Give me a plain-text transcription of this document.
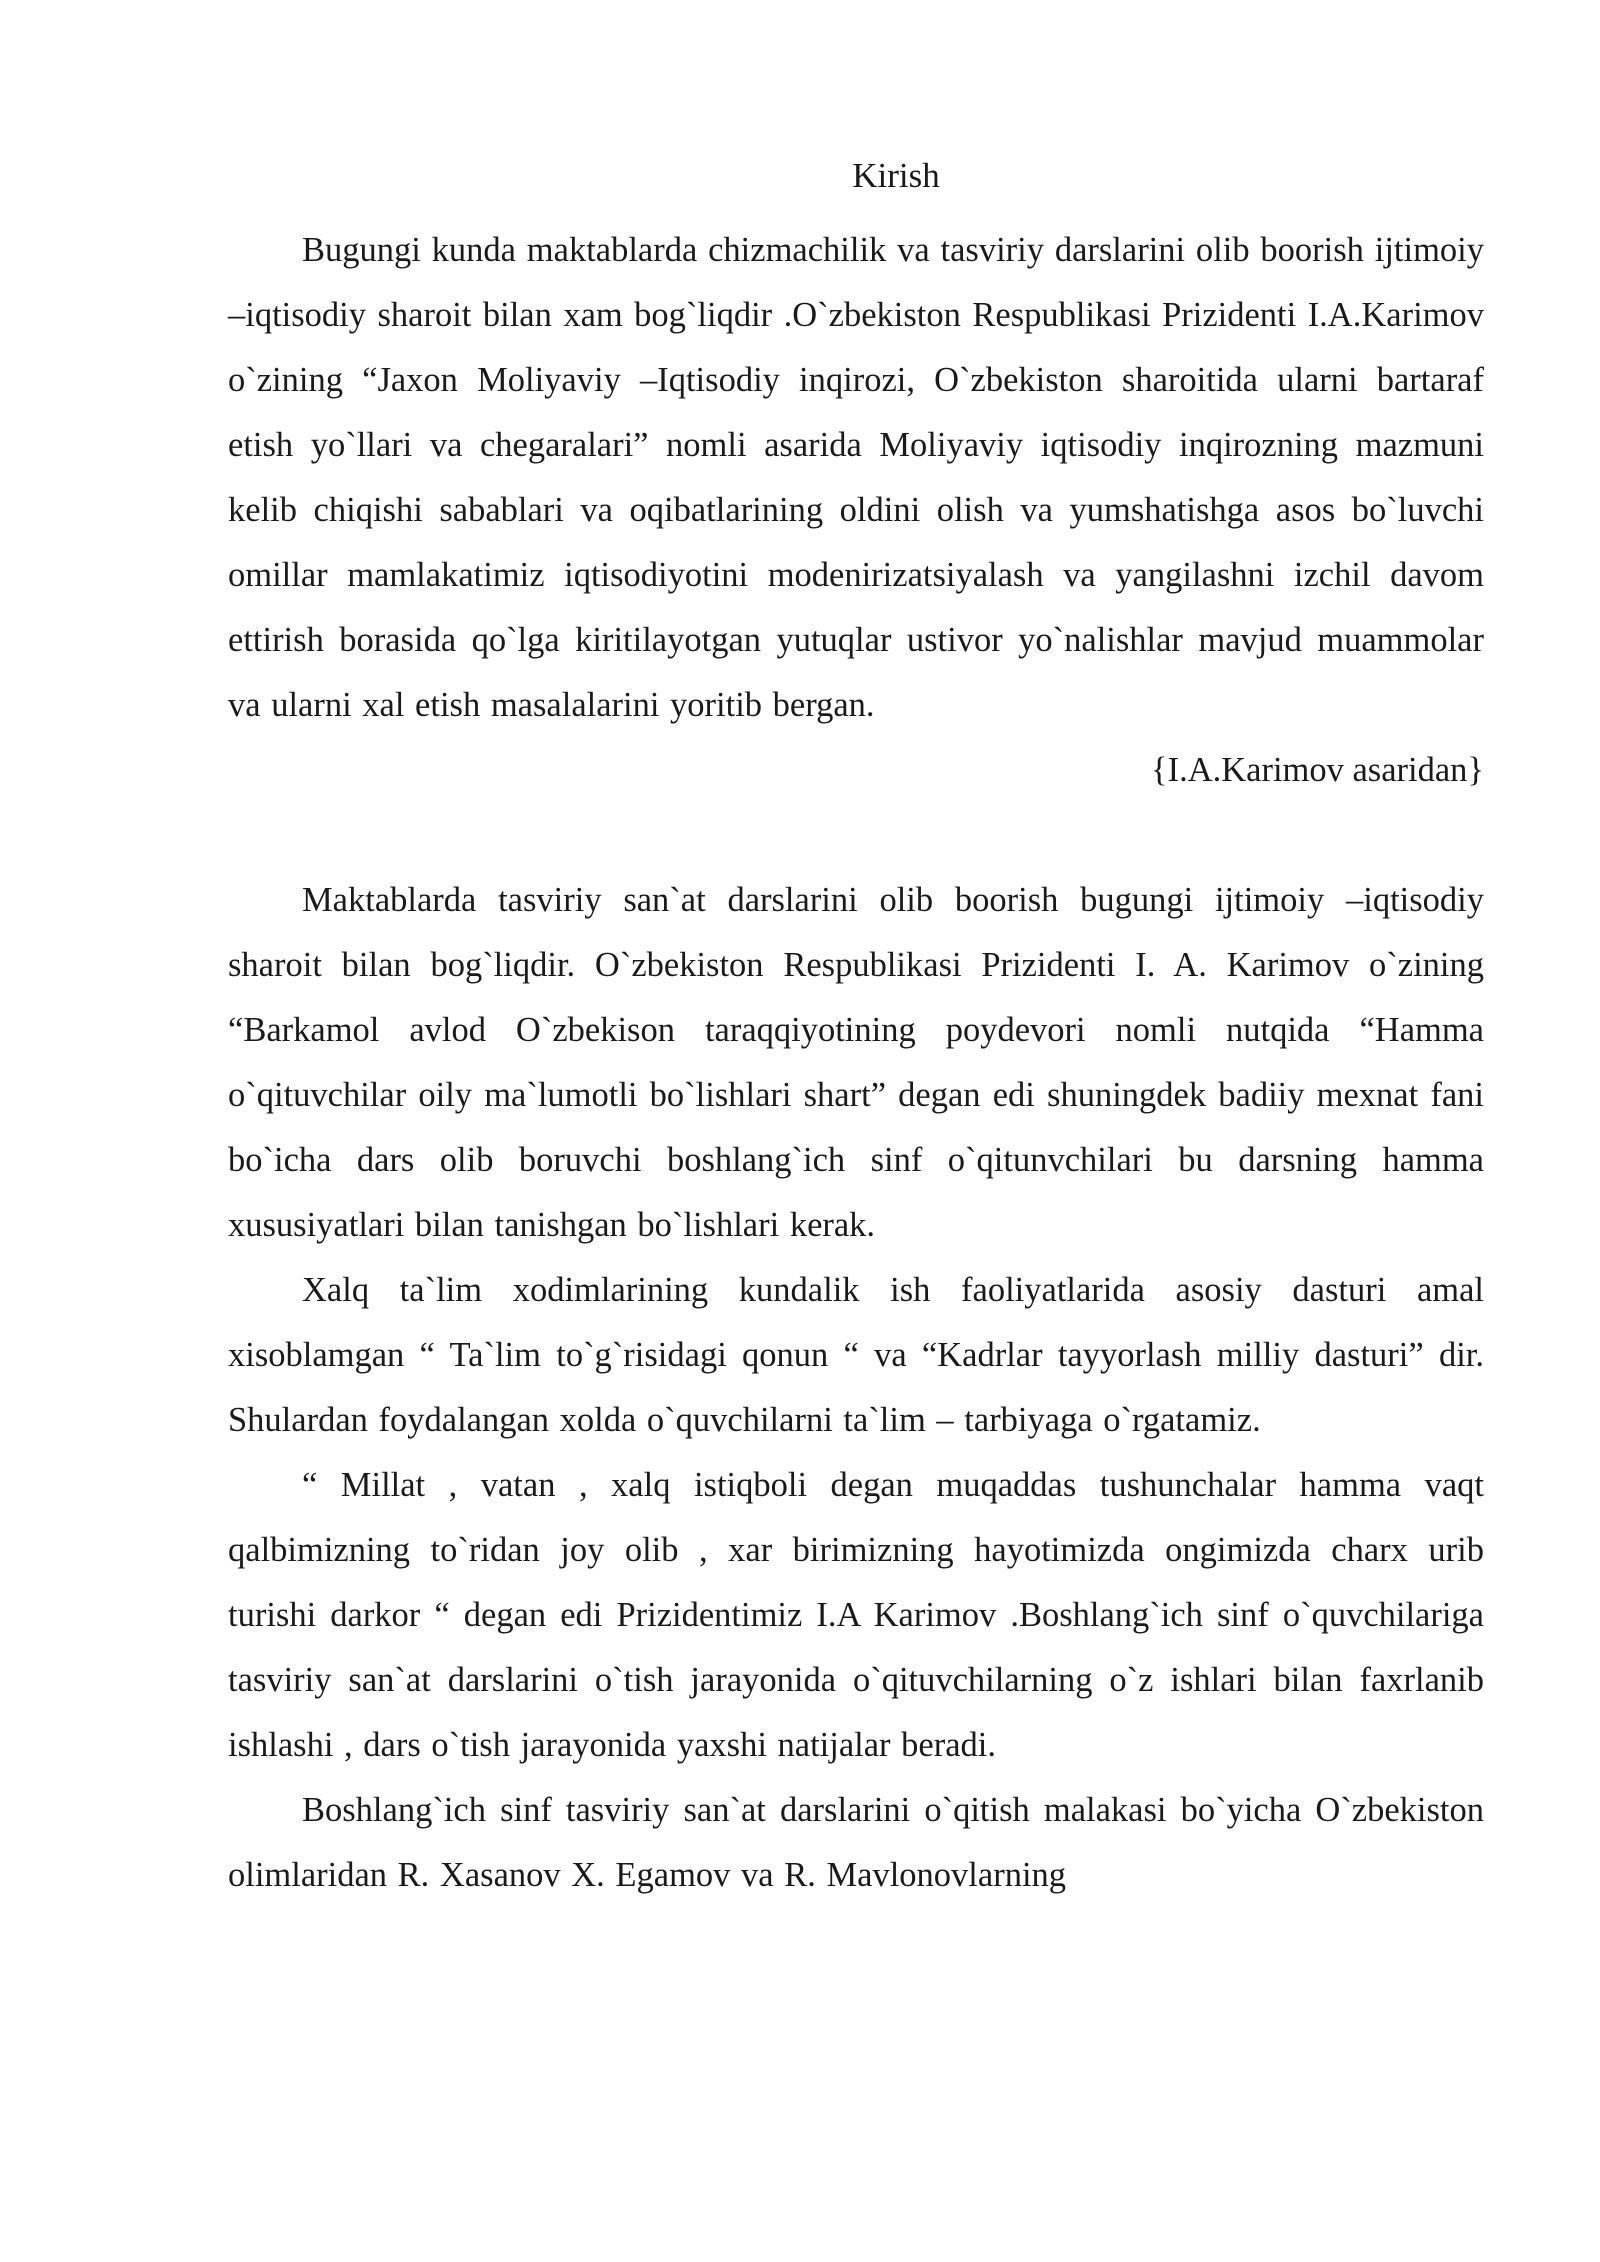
Kirish

Bugungi kunda maktablarda chizmachilik va tasviriy darslarini olib boorish ijtimoiy –iqtisodiy sharoit bilan xam bog`liqdir .O`zbekiston Respublikasi Prizidenti I.A.Karimov o`zining “Jaxon Moliyaviy –Iqtisodiy inqirozi, O`zbekiston sharoitida ularni bartaraf etish yo`llari va chegaralari” nomli asarida Moliyaviy iqtisodiy inqirozning mazmuni kelib chiqishi sabablari va oqibatlarining oldini olish va yumshatishga asos bo`luvchi omillar mamlakatimiz iqtisodiyotini modenirizatsiyalash va yangilashni izchil davom ettirish borasida qo`lga kiritilayotgan yutuqlar ustivor yo`nalishlar mavjud muammolar va ularni xal etish masalalarini yoritib bergan.

{I.A.Karimov asaridan}

Maktablarda tasviriy san`at darslarini olib boorish bugungi ijtimoiy –iqtisodiy sharoit bilan bog`liqdir. O`zbekiston Respublikasi Prizidenti I. A. Karimov o`zining “Barkamol avlod O`zbekison taraqqiyotining poydevori nomli nutqida “Hamma o`qituvchilar oily ma`lumotli bo`lishlari shart” degan edi shuningdek badiiy mexnat fani bo`icha dars olib boruvchi boshlang`ich sinf o`qitunvchilari bu darsning hamma xususiyatlari bilan tanishgan bo`lishlari kerak.

Xalq ta`lim xodimlarining kundalik ish faoliyatlarida asosiy dasturi amal xisoblamgan “ Ta`lim to`g`risidagi qonun “ va “Kadrlar tayyorlash milliy dasturi” dir. Shulardan foydalangan xolda o`quvchilarni ta`lim – tarbiyaga o`rgatamiz.

“ Millat , vatan , xalq istiqboli degan muqaddas tushunchalar hamma vaqt qalbimizning to`ridan joy olib , xar birimizning hayotimizda ongimizda charx urib turishi darkor “ degan edi Prizidentimiz I.A Karimov .Boshlang`ich sinf o`quvchilariga tasviriy san`at darslarini o`tish jarayonida o`qituvchilarning o`z ishlari bilan faxrlanib ishlashi , dars o`tish jarayonida yaxshi natijalar beradi.

Boshlang`ich sinf tasviriy san`at darslarini o`qitish malakasi bo`yicha O`zbekiston olimlaridan R. Xasanov X. Egamov va R. Mavlonovlarning
